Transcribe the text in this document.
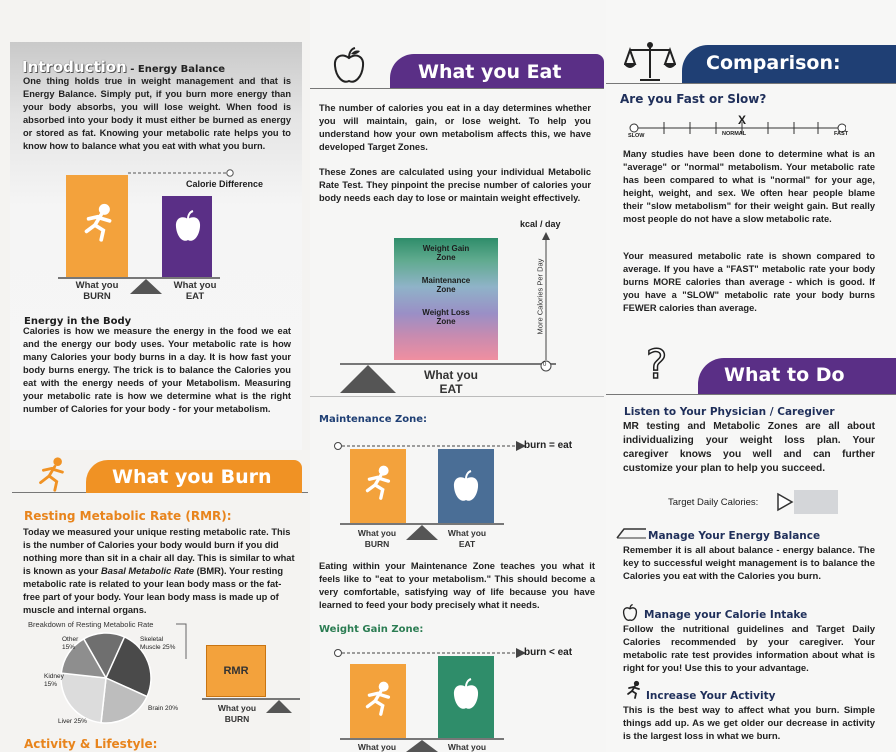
Introduction - Energy Balance

One thing holds true in weight management and that is Energy Balance. Simply put, if you burn more energy than your body absorbs, you will lose weight. When food is absorbed into your body it must either be burned as energy or stored as fat. Knowing your metabolic rate helps you to know how to balance what you eat with what you burn.

Calorie Difference
What you
BURN
What you
EAT
Energy in the Body

Calories is how we measure the energy in the food we eat and the energy our body uses. Your metabolic rate is how many Calories your body burns in a day. It is how fast your body burns energy. The trick is to balance the Calories you eat with the energy needs of your Metabolism. Measuring your metabolic rate is how we determine what is the right number of Calories for your body - for your metabolism.

What you Burn
Resting Metabolic Rate (RMR):

Today we measured your unique resting metabolic rate. This is the number of Calories your body would burn if you did nothing more than sit in a chair all day. This is similar to what is known as your Basal Metabolic Rate (BMR). Your resting metabolic rate is related to your lean body mass or the fat-free part of your body. Your lean body mass is made up of muscle and internal organs.

Breakdown of Resting Metabolic Rate
Other
15%
Skeletal
Muscle 25%
Kidney
15%
Brain 20%
Liver 25%
RMR
What you
BURN
Activity & Lifestyle:
What you Eat

The number of calories you eat in a day determines whether you will maintain, gain, or lose weight. To help you understand how your own metabolism affects this, we have developed Target Zones.

These Zones are calculated using your individual Metabolic Rate Test. They pinpoint the precise number of calories your body needs each day to lose or maintain weight effectively.

Weight Gain
Zone
Maintenance
Zone
Weight Loss
Zone
What you
EAT
kcal / day
0
More Calories Per Day
Maintenance Zone:
burn = eat
What you
BURN
What you
EAT

Eating within your Maintenance Zone teaches you what it feels like to "eat to your metabolism." This should become a very comfortable, satisfying way of life because you have learned to feed your body precisely what it needs.

Weight Gain Zone:
burn < eat
What you	What you
Comparison:
Are you Fast or Slow?
X
SLOW	NORMAL	FAST

Many studies have been done to determine what is an "average" or "normal" metabolism. Your metabolic rate has been compared to what is "normal" for your age, height, weight, and sex. We often hear people blame their "slow metabolism" for their weight gain. But really most people do not have a slow metabolic rate.

Your measured metabolic rate is shown compared to average. If you have a "FAST" metabolic rate your body burns MORE calories than average - which is good. If you have a "SLOW" metabolic rate your body burns FEWER calories than average.

?	What to Do
Listen to Your Physician / Caregiver

MR testing and Metabolic Zones are all about individualizing your weight loss plan. Your caregiver knows you well and can further customize your plan to help you succeed.

Target Daily Calories:
Manage Your Energy Balance

Remember it is all about balance - energy balance. The key to successful weight management is to balance the Calories you eat with the Calories you burn.

Manage your Calorie Intake

Follow the nutritional guidelines and Target Daily Calories recommended by your caregiver. Your metabolic rate test provides information about what is right for you! Use this to your advantage.

Increase Your Activity

This is the best way to affect what you burn. Simple things add up. As we get older our decrease in activity is the largest loss in what we burn.
